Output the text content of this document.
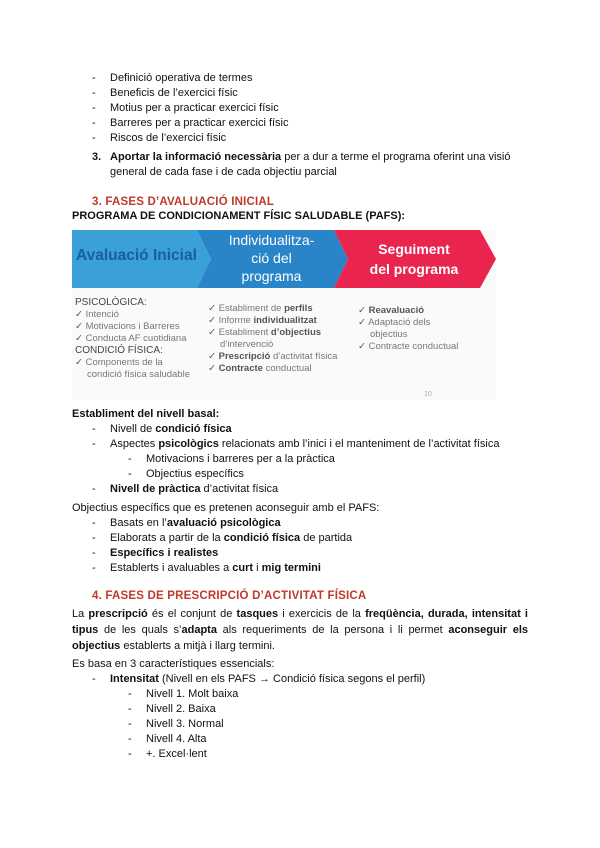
- Definició operativa de termes
- Beneficis de l’exercici físic
- Motius per a practicar exercici físic
- Barreres per a practicar exercici físic
- Riscos de l’exercici físic
3. Aportar la informació necessària per a dur a terme el programa oferint una visió
general de cada fase i de cada objectiu parcial
3. FASES D’AVALUACIÓ INICIAL
PROGRAMA DE CONDICIONAMENT FÍSIC SALUDABLE (PAFS):
Avaluació Inicial
Individualitza-
ció del
programa
Seguiment
del programa
PSICOLÒGICA:
✓ Intenció
✓ Motivacions i Barreres
✓ Conducta AF cuotidiana
CONDICIÓ FÍSICA:
✓ Components de la
condició física saludable
✓ Establiment de perfils
✓ Informe individualitzat
✓ Establiment d’objectius
d’intervenció
✓ Prescripció d’activitat física
✓ Contracte conductual
✓ Reavaluació
✓ Adaptació dels
objectius
✓ Contracte conductual
10
Establiment del nivell basal:
- Nivell de condició física
- Aspectes psicològics relacionats amb l’inici i el manteniment de l’activitat física
- Motivacions i barreres per a la pràctica
- Objectius específics
- Nivell de pràctica d’activitat física
Objectius específics que es pretenen aconseguir amb el PAFS:
- Basats en l’avaluació psicològica
- Elaborats a partir de la condició física de partida
- Específics i realistes
- Establerts i avaluables a curt i mig termini
4. FASES DE PRESCRIPCIÓ D’ACTIVITAT FÍSICA
La prescripció és el conjunt de tasques i exercicis de la freqüència, durada, intensitat i tipus de les quals s’adapta als requeriments de la persona i li permet aconseguir els objectius establerts a mitjà i llarg termini.
Es basa en 3 característiques essencials:
- Intensitat (Nivell en els PAFS → Condició física segons el perfil)
- Nivell 1. Molt baixa
- Nivell 2. Baixa
- Nivell 3. Normal
- Nivell 4. Alta
- +. Excel·lent
